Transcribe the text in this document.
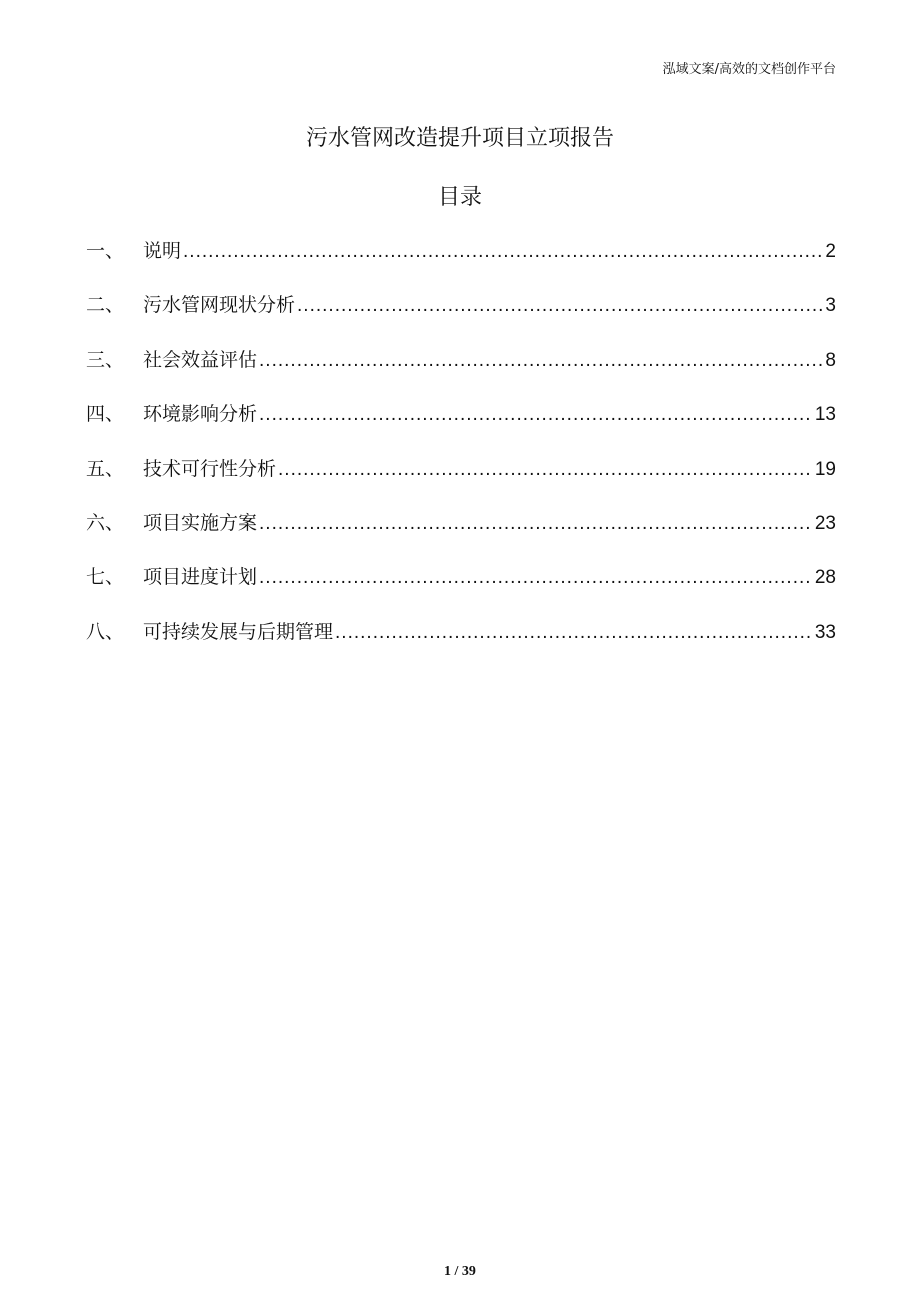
泓域文案/高效的文档创作平台
污水管网改造提升项目立项报告
目录
一、 说明 .....	2
二、 污水管网现状分析 .....	3
三、 社会效益评估 .....	8
四、 环境影响分析 .....	13
五、 技术可行性分析 .....	19
六、 项目实施方案 .....	23
七、 项目进度计划 .....	28
八、 可持续发展与后期管理 .....	33
1 / 39
